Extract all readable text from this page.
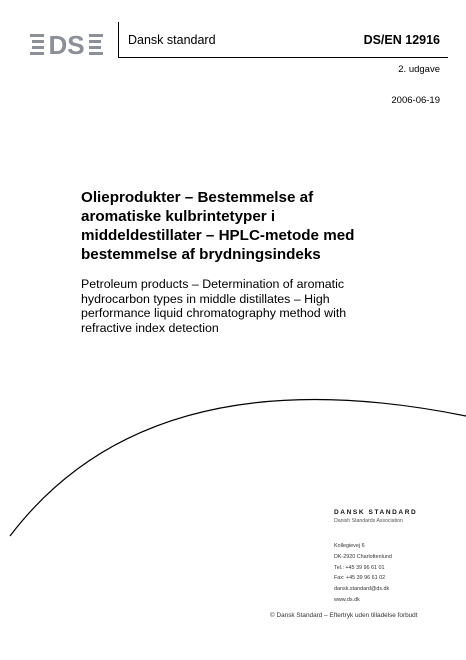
DS	Dansk standard	DS/EN 12916
2. udgave
2006-06-19
Olieprodukter – Bestemmelse af
aromatiske kulbrintetyper i
middeldestillater – HPLC-metode med
bestemmelse af brydningsindeks

Petroleum products – Determination of aromatic
hydrocarbon types in middle distillates – High
performance liquid chromatography method with
refractive index detection

DANSK STANDARD
Danish Standards Association
Kollegievej 6
DK-2920 Charlottenlund
Tel.: +45 39 96 61 01
Fax: +45 39 96 61 02
dansk.standard@ds.dk
www.ds.dk
© Dansk Standard – Eftertryk uden tilladelse forbudt
